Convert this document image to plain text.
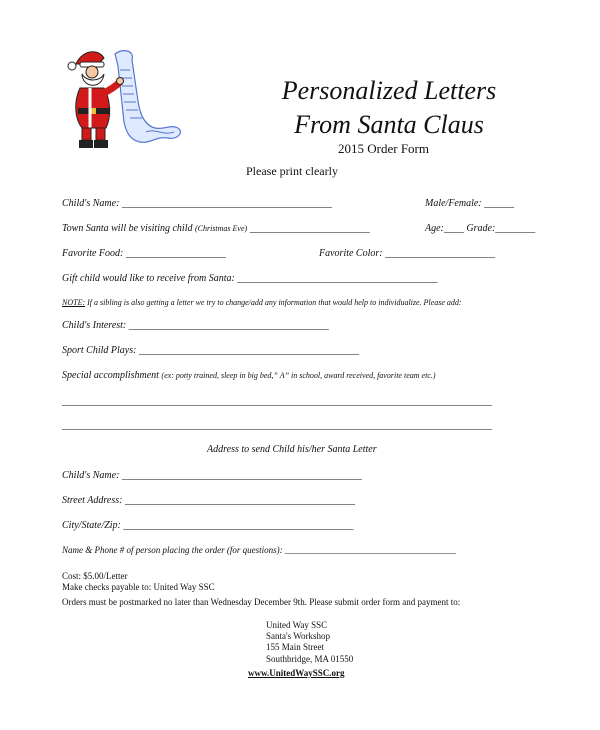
Personalized Letters
From Santa Claus
2015 Order Form
Please print clearly
Child's Name: __________________________________________	Male/Female: ______
Town Santa will be visiting child (Christmas Eve) ________________________	Age:____ Grade:________
Favorite Food: ____________________	Favorite Color: ______________________
Gift child would like to receive from Santa: ________________________________________
NOTE: If a sibling is also getting a letter we try to change/add any information that would help to individualize. Please add:
Child's Interest: ________________________________________
Sport Child Plays: ____________________________________________
Special accomplishment (ex: potty trained, sleep in big bed,” A” in school, award received, favorite team etc.)
______________________________________________________________________________________
______________________________________________________________________________________
Address to send Child his/her Santa Letter
Child's Name: ________________________________________________
Street Address: ______________________________________________
City/State/Zip: ______________________________________________
Name & Phone # of person placing the order (for questions): ______________________________________
Cost: $5.00/Letter
Make checks payable to: United Way SSC
Orders must be postmarked no later than Wednesday December 9th. Please submit order form and payment to:
United Way SSC
Santa's Workshop
155 Main Street
Southbridge, MA 01550
www.UnitedWaySSC.org
